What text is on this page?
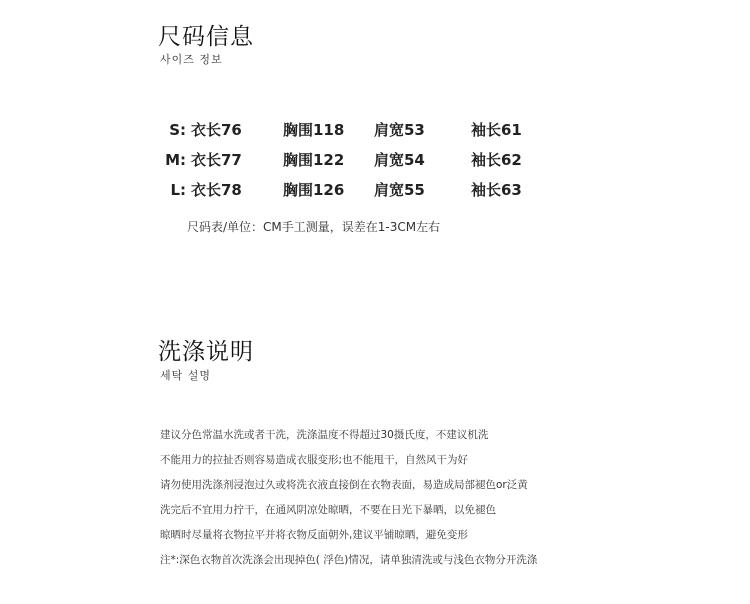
尺码信息
사이즈 정보
S: 衣长76	胸围118 肩宽53	袖长61
M: 衣长77	胸围122 肩宽54	袖长62
L: 衣长78	胸围126 肩宽55	袖长63
尺码表/单位：CM手工测量，误差在1-3CM左右
洗涤说明
세탁 설명
建议分色常温水洗或者干洗，洗涤温度不得超过30摄氏度，不建议机洗
不能用力的拉扯否则容易造成衣服变形;也不能甩干，自然风干为好
请勿使用洗涤剂浸泡过久或将洗衣液直接倒在衣物表面，易造成局部褪色or泛黄
洗完后不宜用力拧干，在通风阴凉处晾晒，不要在日光下暴晒，以免褪色
晾晒时尽量将衣物拉平并将衣物反面朝外,建议平铺晾晒，避免变形
注*:深色衣物首次洗涤会出现掉色( 浮色)情况，请单独清洗或与浅色衣物分开洗涤
